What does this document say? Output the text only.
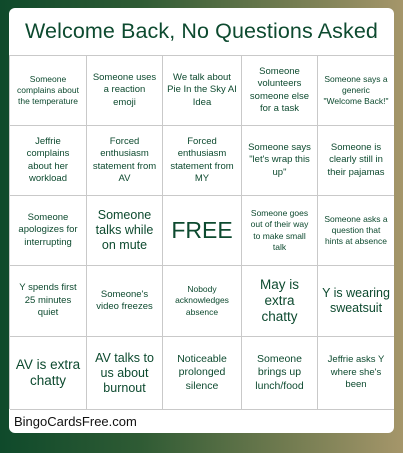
Welcome Back, No Questions Asked
Someone complains about the temperature
Someone uses a reaction emoji
We talk about Pie In the Sky AI Idea
Someone volunteers someone else for a task
Someone says a generic "Welcome Back!"
Jeffrie complains about her workload
Forced enthusiasm statement from AV
Forced enthusiasm statement from MY
Someone says "let's wrap this up"
Someone is clearly still in their pajamas
Someone apologizes for interrupting
Someone talks while on mute
FREE
Someone goes out of their way to make small talk
Someone asks a question that hints at absence
Y spends first 25 minutes quiet
Someone's video freezes
Nobody acknowledges absence
May is extra chatty
Y is wearing sweatsuit
AV is extra chatty
AV talks to us about burnout
Noticeable prolonged silence
Someone brings up lunch/food
Jeffrie asks Y where she's been
BingoCardsFree.com
